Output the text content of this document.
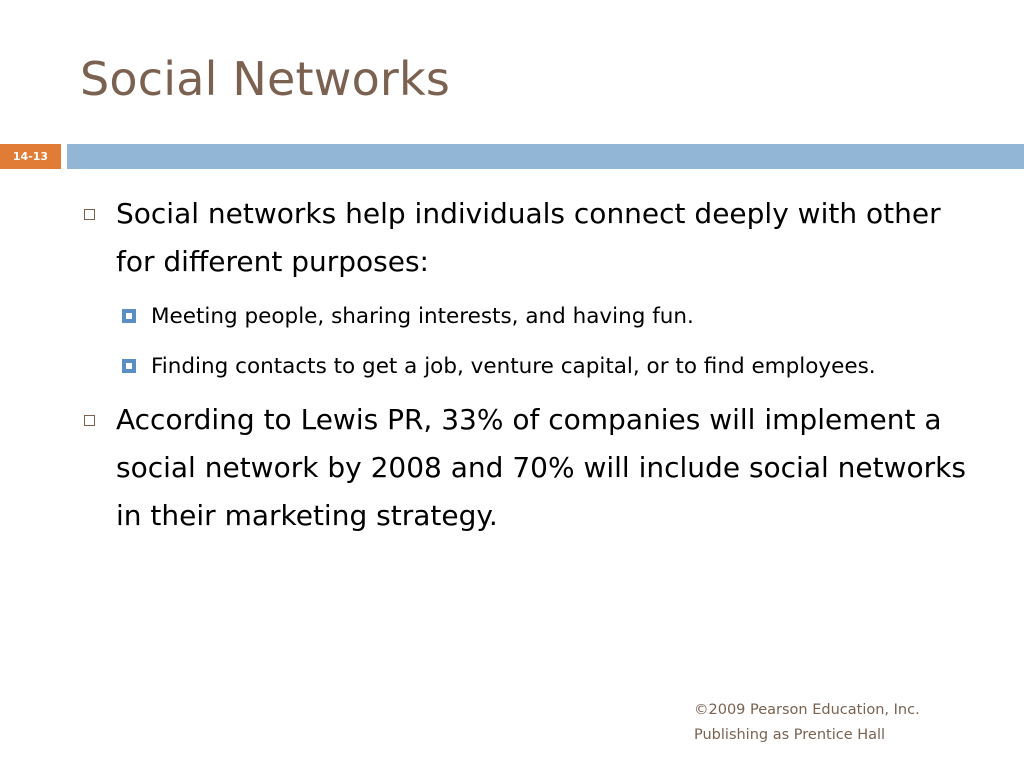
Social Networks
14-13

Social networks help individuals connect deeply with other for different purposes:

Meeting people, sharing interests, and having fun.

Finding contacts to get a job, venture capital, or to find employees.

According to Lewis PR, 33% of companies will implement a social network by 2008 and 70% will include social networks in their marketing strategy.

©2009 Pearson Education, Inc.
Publishing as Prentice Hall
